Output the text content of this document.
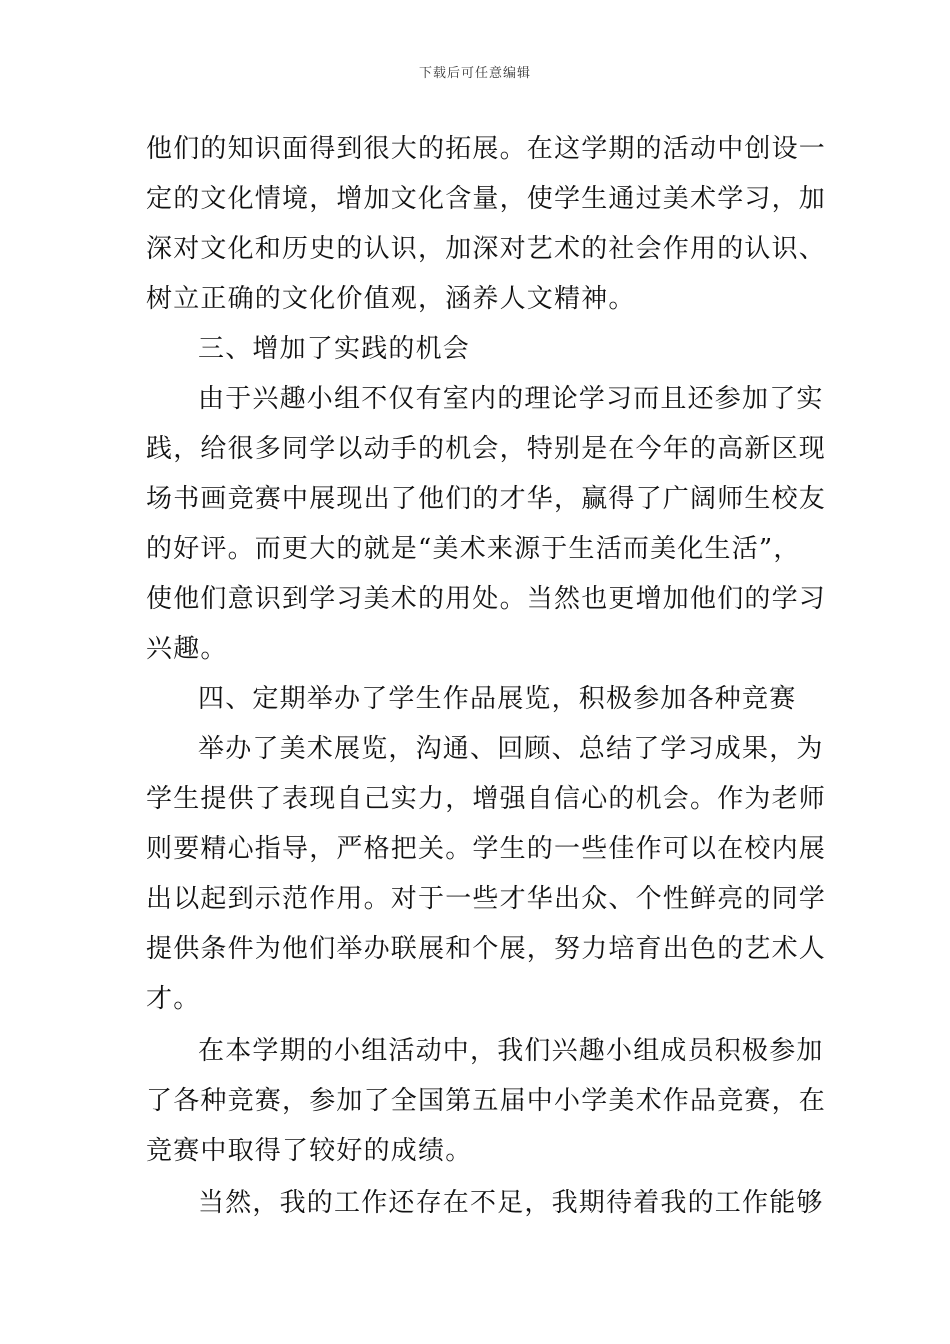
下载后可任意编辑
他们的知识面得到很大的拓展。在这学期的活动中创设一
定的文化情境，增加文化含量，使学生通过美术学习，加
深对文化和历史的认识，加深对艺术的社会作用的认识、
树立正确的文化价值观，涵养人文精神。
三、增加了实践的机会
由于兴趣小组不仅有室内的理论学习而且还参加了实
践，给很多同学以动手的机会，特别是在今年的高新区现
场书画竞赛中展现出了他们的才华，赢得了广阔师生校友
的好评。而更大的就是“美术来源于生活而美化生活”，
使他们意识到学习美术的用处。当然也更增加他们的学习
兴趣。
四、定期举办了学生作品展览，积极参加各种竞赛
举办了美术展览，沟通、回顾、总结了学习成果，为
学生提供了表现自己实力，增强自信心的机会。作为老师
则要精心指导，严格把关。学生的一些佳作可以在校内展
出以起到示范作用。对于一些才华出众、个性鲜亮的同学
提供条件为他们举办联展和个展，努力培育出色的艺术人
才。
在本学期的小组活动中，我们兴趣小组成员积极参加
了各种竞赛，参加了全国第五届中小学美术作品竞赛，在
竞赛中取得了较好的成绩。
当然，我的工作还存在不足，我期待着我的工作能够
